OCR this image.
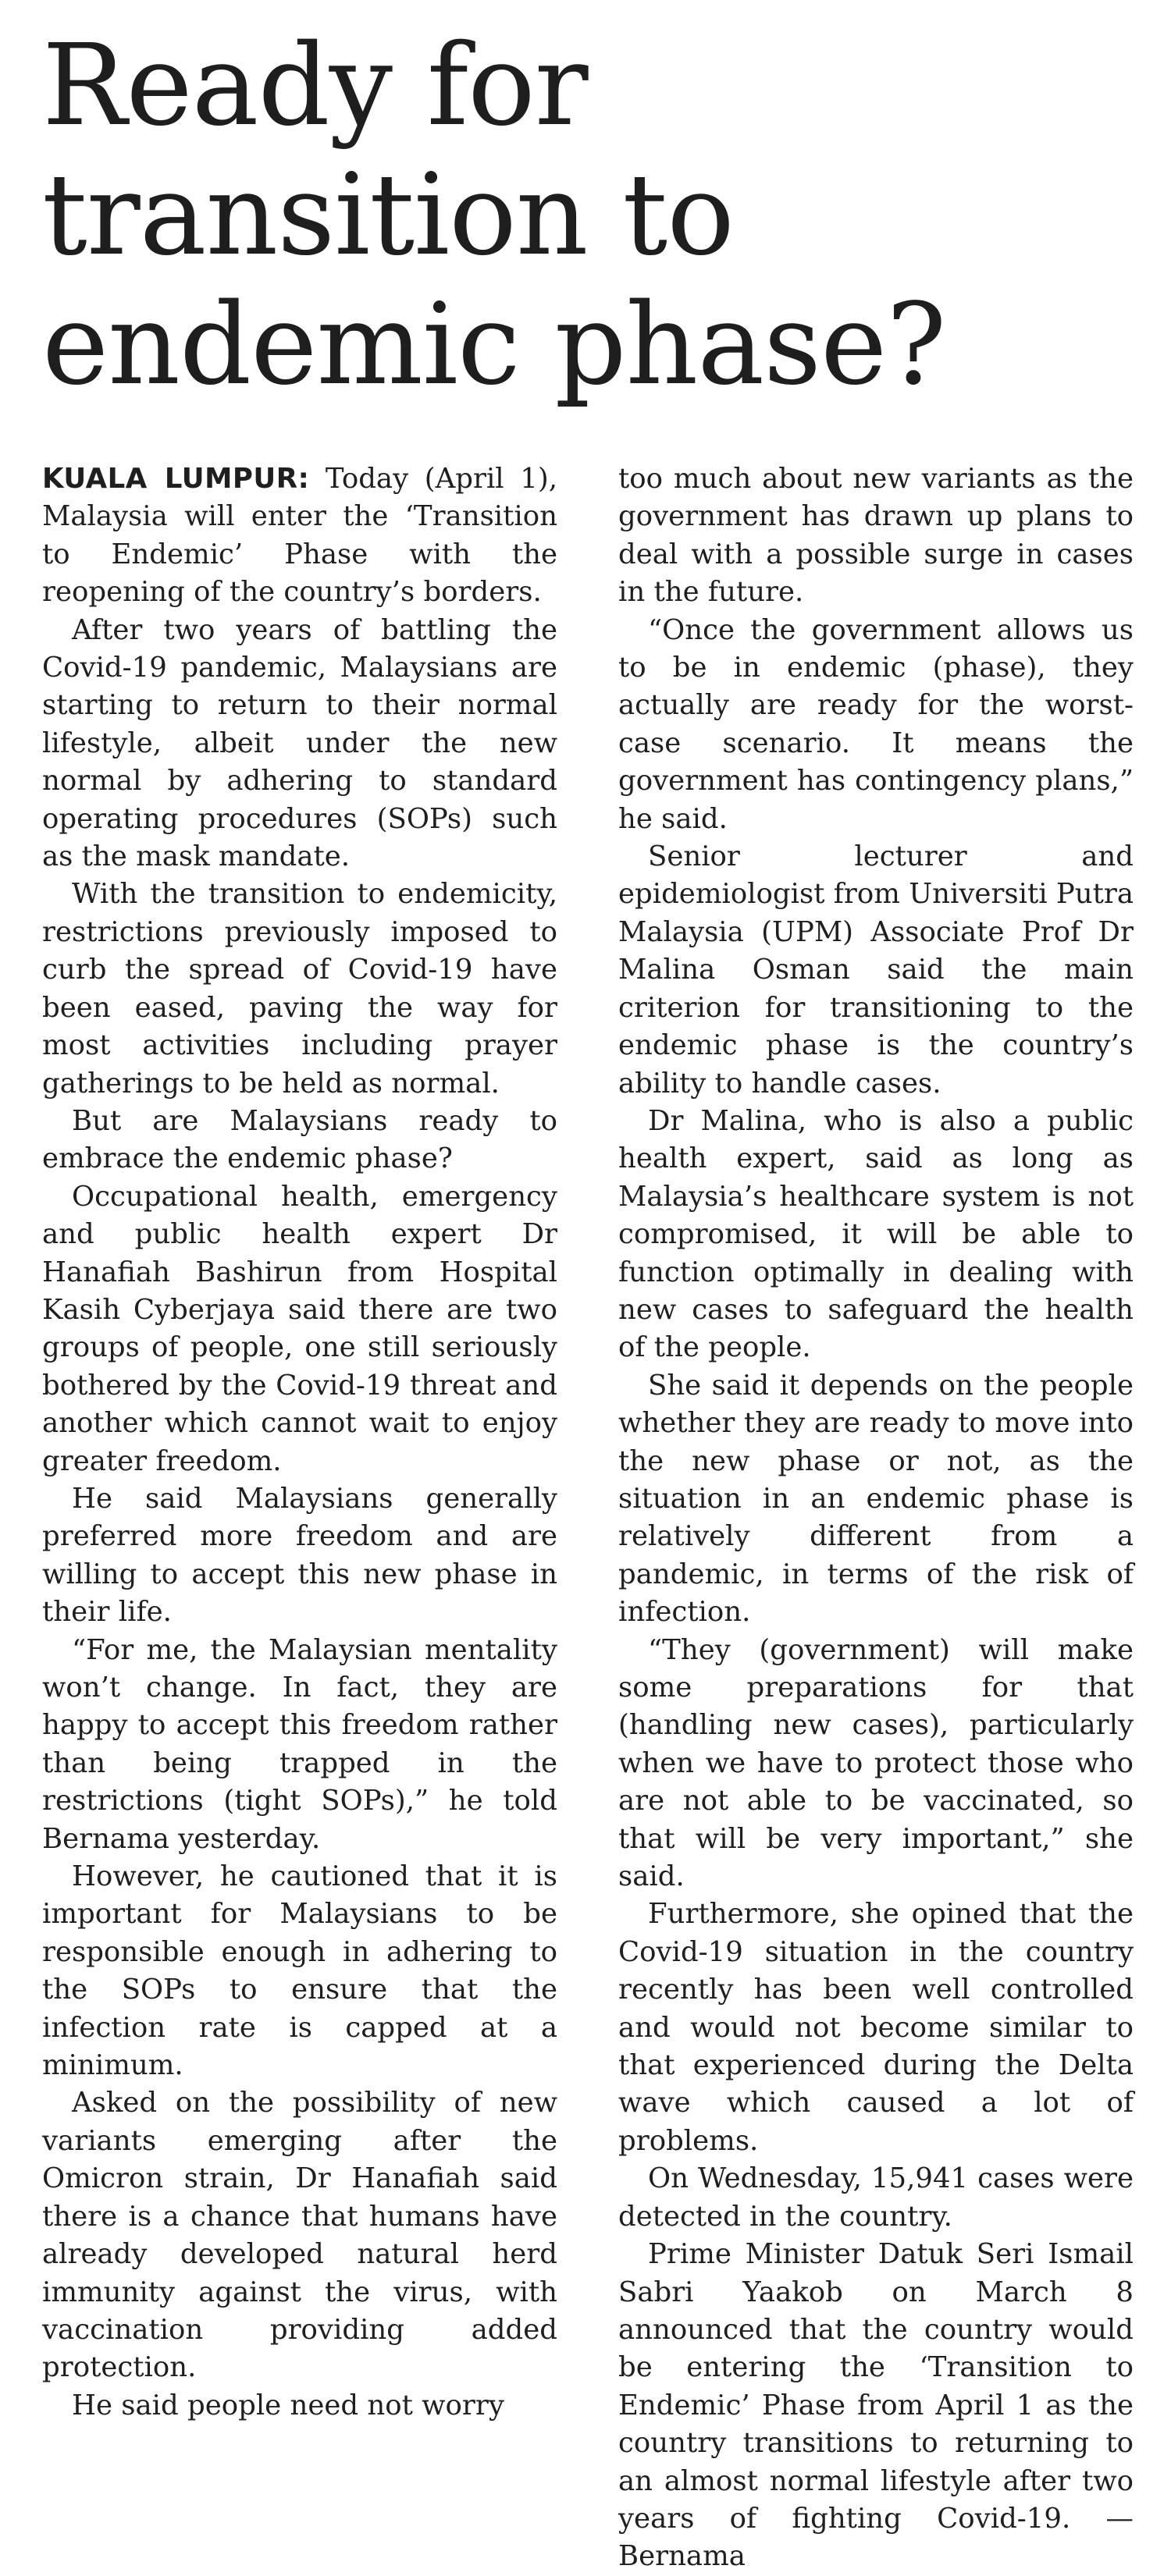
Ready for transition to endemic phase?

KUALA LUMPUR: Today (April 1), Malaysia will enter the ‘Transition to Endemic’ Phase with the reopening of the country’s borders.

After two years of battling the Covid-19 pandemic, Malaysians are starting to return to their normal lifestyle, albeit under the new normal by adhering to standard operating procedures (SOPs) such as the mask mandate.

With the transition to endemicity, restrictions previously imposed to curb the spread of Covid-19 have been eased, paving the way for most activities including prayer gatherings to be held as normal.

But are Malaysians ready to embrace the endemic phase?

Occupational health, emergency and public health expert Dr Hanafiah Bashirun from Hospital Kasih Cyberjaya said there are two groups of people, one still seriously bothered by the Covid-19 threat and another which cannot wait to enjoy greater freedom.

He said Malaysians generally preferred more freedom and are willing to accept this new phase in their life.

“For me, the Malaysian mentality won’t change. In fact, they are happy to accept this freedom rather than being trapped in the restrictions (tight SOPs),” he told Bernama yesterday.

However, he cautioned that it is important for Malaysians to be responsible enough in adhering to the SOPs to ensure that the infection rate is capped at a minimum.

Asked on the possibility of new variants emerging after the Omicron strain, Dr Hanafiah said there is a chance that humans have already developed natural herd immunity against the virus, with vaccination providing added protection.

He said people need not worry

too much about new variants as the government has drawn up plans to deal with a possible surge in cases in the future.

“Once the government allows us to be in endemic (phase), they actually are ready for the worst-case scenario. It means the government has contingency plans,” he said.

Senior lecturer and epidemiologist from Universiti Putra Malaysia (UPM) Associate Prof Dr Malina Osman said the main criterion for transitioning to the endemic phase is the country’s ability to handle cases.

Dr Malina, who is also a public health expert, said as long as Malaysia’s healthcare system is not compromised, it will be able to function optimally in dealing with new cases to safeguard the health of the people.

She said it depends on the people whether they are ready to move into the new phase or not, as the situation in an endemic phase is relatively different from a pandemic, in terms of the risk of infection.

“They (government) will make some preparations for that (handling new cases), particularly when we have to protect those who are not able to be vaccinated, so that will be very important,” she said.

Furthermore, she opined that the Covid-19 situation in the country recently has been well controlled and would not become similar to that experienced during the Delta wave which caused a lot of problems.

On Wednesday, 15,941 cases were detected in the country.

Prime Minister Datuk Seri Ismail Sabri Yaakob on March 8 announced that the country would be entering the ‘Transition to Endemic’ Phase from April 1 as the country transitions to returning to an almost normal lifestyle after two years of fighting Covid-19. —Bernama
